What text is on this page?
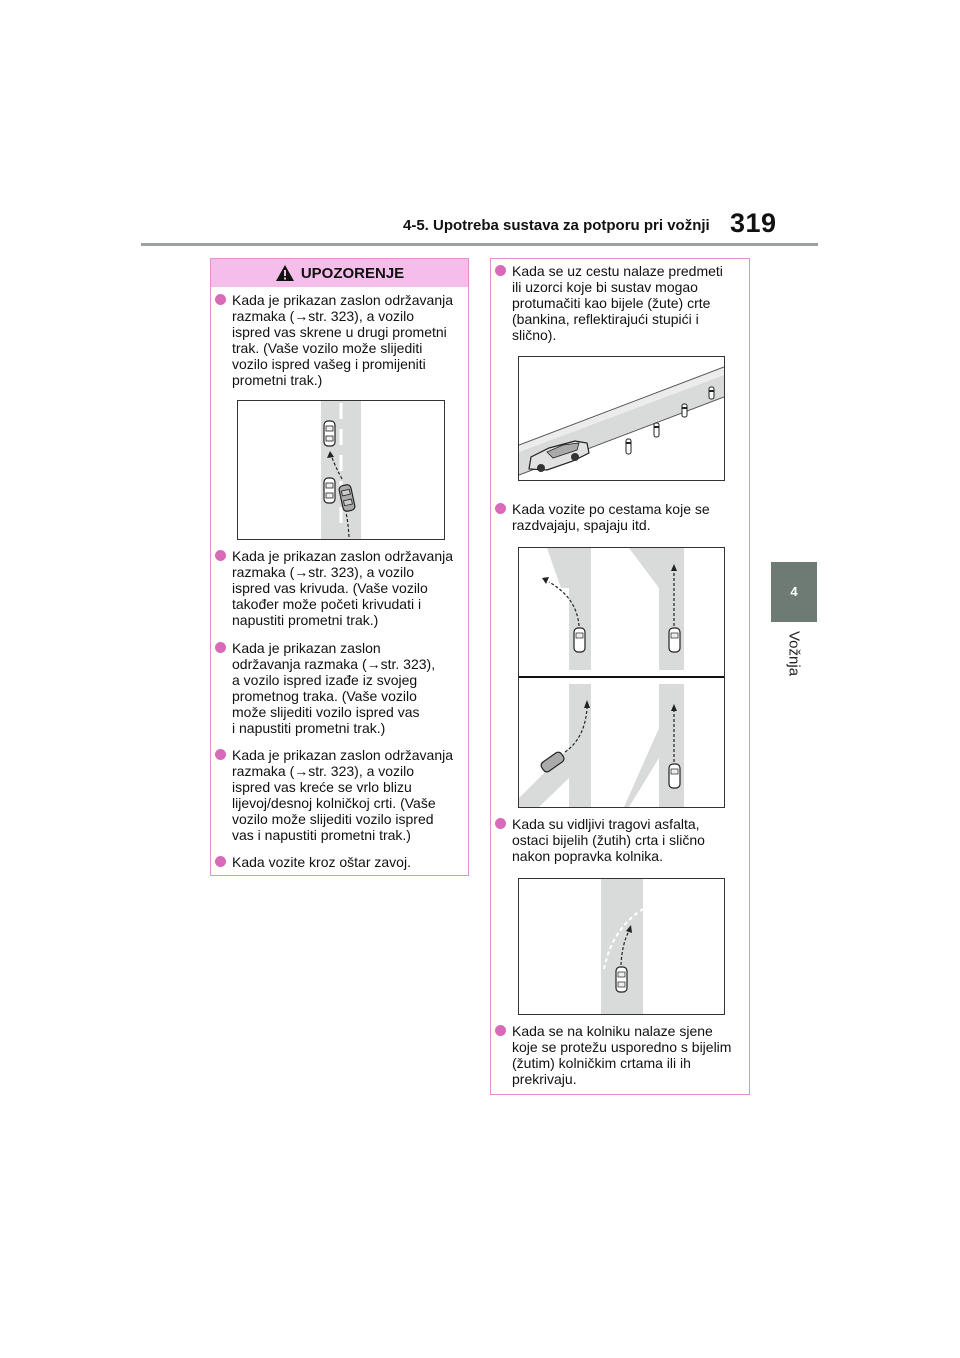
4-5. Upotreba sustava za potporu pri vožnji 319
4
Vožnja
UPOZORENJE
Kada je prikazan zaslon održavanja
razmaka (→str. 323), a vozilo
ispred vas skrene u drugi prometni
trak. (Vaše vozilo može slijediti
vozilo ispred vašeg i promijeniti
prometni trak.)
Kada je prikazan zaslon održavanja
razmaka (→str. 323), a vozilo
ispred vas krivuda. (Vaše vozilo
također može početi krivudati i
napustiti prometni trak.)
Kada je prikazan zaslon
održavanja razmaka (→str. 323),
a vozilo ispred izađe iz svojeg
prometnog traka. (Vaše vozilo
može slijediti vozilo ispred vas
i napustiti prometni trak.)
Kada je prikazan zaslon održavanja
razmaka (→str. 323), a vozilo
ispred vas kreće se vrlo blizu
lijevoj/desnoj kolničkoj crti. (Vaše
vozilo može slijediti vozilo ispred
vas i napustiti prometni trak.)
Kada vozite kroz oštar zavoj.
Kada se uz cestu nalaze predmeti
ili uzorci koje bi sustav mogao
protumačiti kao bijele (žute) crte
(bankina, reflektirajući stupići i
slično).
Kada vozite po cestama koje se
razdvajaju, spajaju itd.
Kada su vidljivi tragovi asfalta,
ostaci bijelih (žutih) crta i slično
nakon popravka kolnika.
Kada se na kolniku nalaze sjene
koje se protežu usporedno s bijelim
(žutim) kolničkim crtama ili ih
prekrivaju.
